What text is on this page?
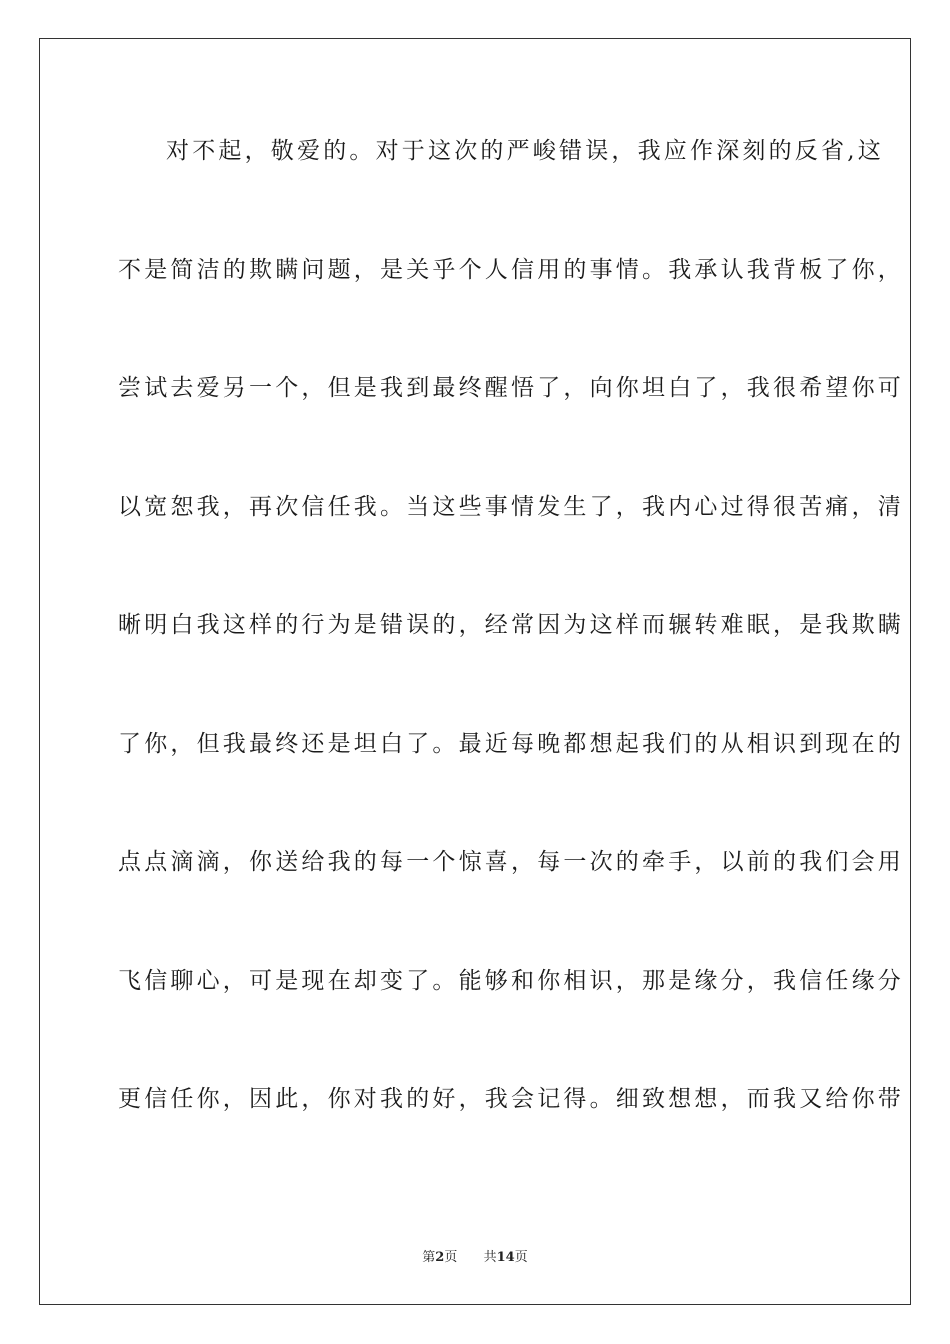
对不起，敬爱的。对于这次的严峻错误，我应作深刻的反省,这
不是简洁的欺瞒问题，是关乎个人信用的事情。我承认我背板了你，
尝试去爱另一个，但是我到最终醒悟了，向你坦白了，我很希望你可
以宽恕我，再次信任我。当这些事情发生了，我内心过得很苦痛，清
晰明白我这样的行为是错误的，经常因为这样而辗转难眠，是我欺瞒
了你，但我最终还是坦白了。最近每晚都想起我们的从相识到现在的
点点滴滴，你送给我的每一个惊喜，每一次的牵手，以前的我们会用
飞信聊心，可是现在却变了。能够和你相识，那是缘分，我信任缘分
更信任你，因此，你对我的好，我会记得。细致想想，而我又给你带
第2页 共14页
